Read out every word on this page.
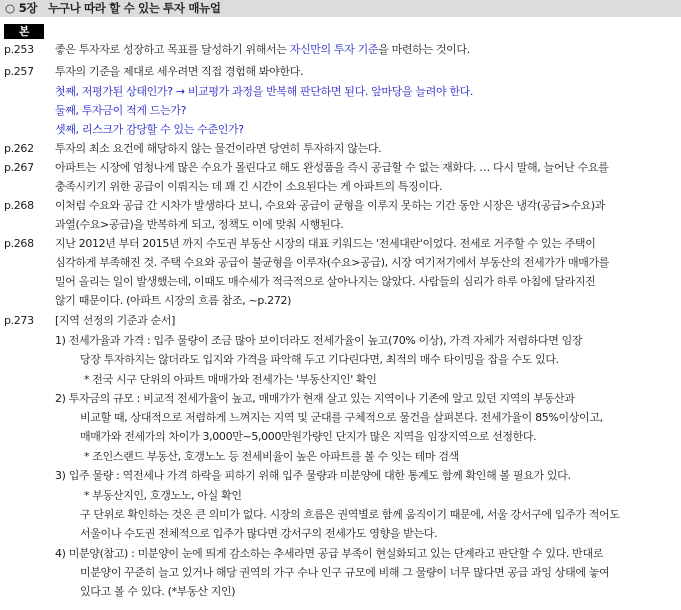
○ 5장 누구나 따라 할 수 있는 투자 매뉴얼
본
p.253 좋은 투자자로 성장하고 목표를 달성하기 위해서는 자신만의 투자 기준을 마련하는 것이다.
p.257 투자의 기준을 제대로 세우려면 직접 경험해 봐야한다.
첫째, 저평가된 상태인가? → 비교평가 과정을 반복해 판단하면 된다. 앞마당을 늘려야 한다.
둘째, 투자금이 적게 드는가?
셋째, 리스크가 감당할 수 있는 수준인가?
p.262 투자의 최소 요건에 해당하지 않는 물건이라면 당연히 투자하지 않는다.
p.267 아파트는 시장에 엄청나게 많은 수요가 몰린다고 해도 완성품을 즉시 공급할 수 없는 재화다. … 다시 말해, 늘어난 수요를
충족시키기 위한 공급이 이뤄지는 데 꽤 긴 시간이 소요된다는 게 아파트의 특징이다.
p.268 이처럼 수요와 공급 간 시차가 발생하다 보니, 수요와 공급이 균형을 이루지 못하는 기간 동안 시장은 냉각(공급>수요)과
과열(수요>공급)을 반복하게 되고, 정책도 이에 맞춰 시행된다.
p.268 지난 2012년 부터 2015년 까지 수도권 부동산 시장의 대표 키워드는 '전세대란'이었다. 전세로 거주할 수 있는 주택이
심각하게 부족해진 것. 주택 수요와 공급이 불균형을 이루자(수요>공급), 시장 여기저기에서 부동산의 전세가가 매매가를
밀어 올리는 일이 발생했는데, 이때도 매수세가 적극적으로 살아나지는 않았다. 사람들의 심리가 하루 아침에 달라지진
않기 때문이다. (아파트 시장의 흐름 참조, ~p.272)
p.273 [지역 선정의 기준과 순서]
1) 전세가율과 가격 : 입주 물량이 조금 많아 보이더라도 전세가율이 높고(70% 이상), 가격 자체가 저렴하다면 임장
당장 투자하지는 않더라도 입지와 가격을 파악해 두고 기다린다면, 최적의 매수 타이밍을 잡을 수도 있다.
* 전국 시구 단위의 아파트 매매가와 전세가는 '부동산지인' 확인
2) 투자금의 규모 : 비교적 전세가율이 높고, 매매가가 현재 살고 있는 지역이나 기존에 알고 있던 지역의 부동산과
비교할 때, 상대적으로 저렴하게 느껴지는 지역 및 군대를 구체적으로 물건을 살펴본다. 전세가율이 85%이상이고,
매매가와 전세가의 차이가 3,000만~5,000만원가량인 단지가 많은 지역을 임장지역으로 선정한다.
* 조인스랜드 부동산, 호갱노노 등 전세비율이 높은 아파트를 볼 수 잇는 테마 검색
3) 입주 물량 : 역전세나 가격 하락을 피하기 위해 입주 물량과 미분양에 대한 통계도 함께 확인해 볼 필요가 있다.
* 부동산지인, 호갱노노, 아실 확인
구 단위로 확인하는 것은 큰 의미가 없다. 시장의 흐름은 권역별로 함께 움직이기 때문에, 서울 강서구에 입주가 적어도
서울이나 수도권 전체적으로 입주가 많다면 강서구의 전세가도 영향을 받는다.
4) 미분양(참고) : 미분양이 눈에 띄게 감소하는 추세라면 공급 부족이 현실화되고 있는 단계라고 판단할 수 있다. 반대로
미분양이 꾸준히 늘고 있거나 해당 권역의 가구 수나 인구 규모에 비해 그 물량이 너무 많다면 공급 과잉 상태에 놓여
있다고 볼 수 있다. (*부동산 지인)
